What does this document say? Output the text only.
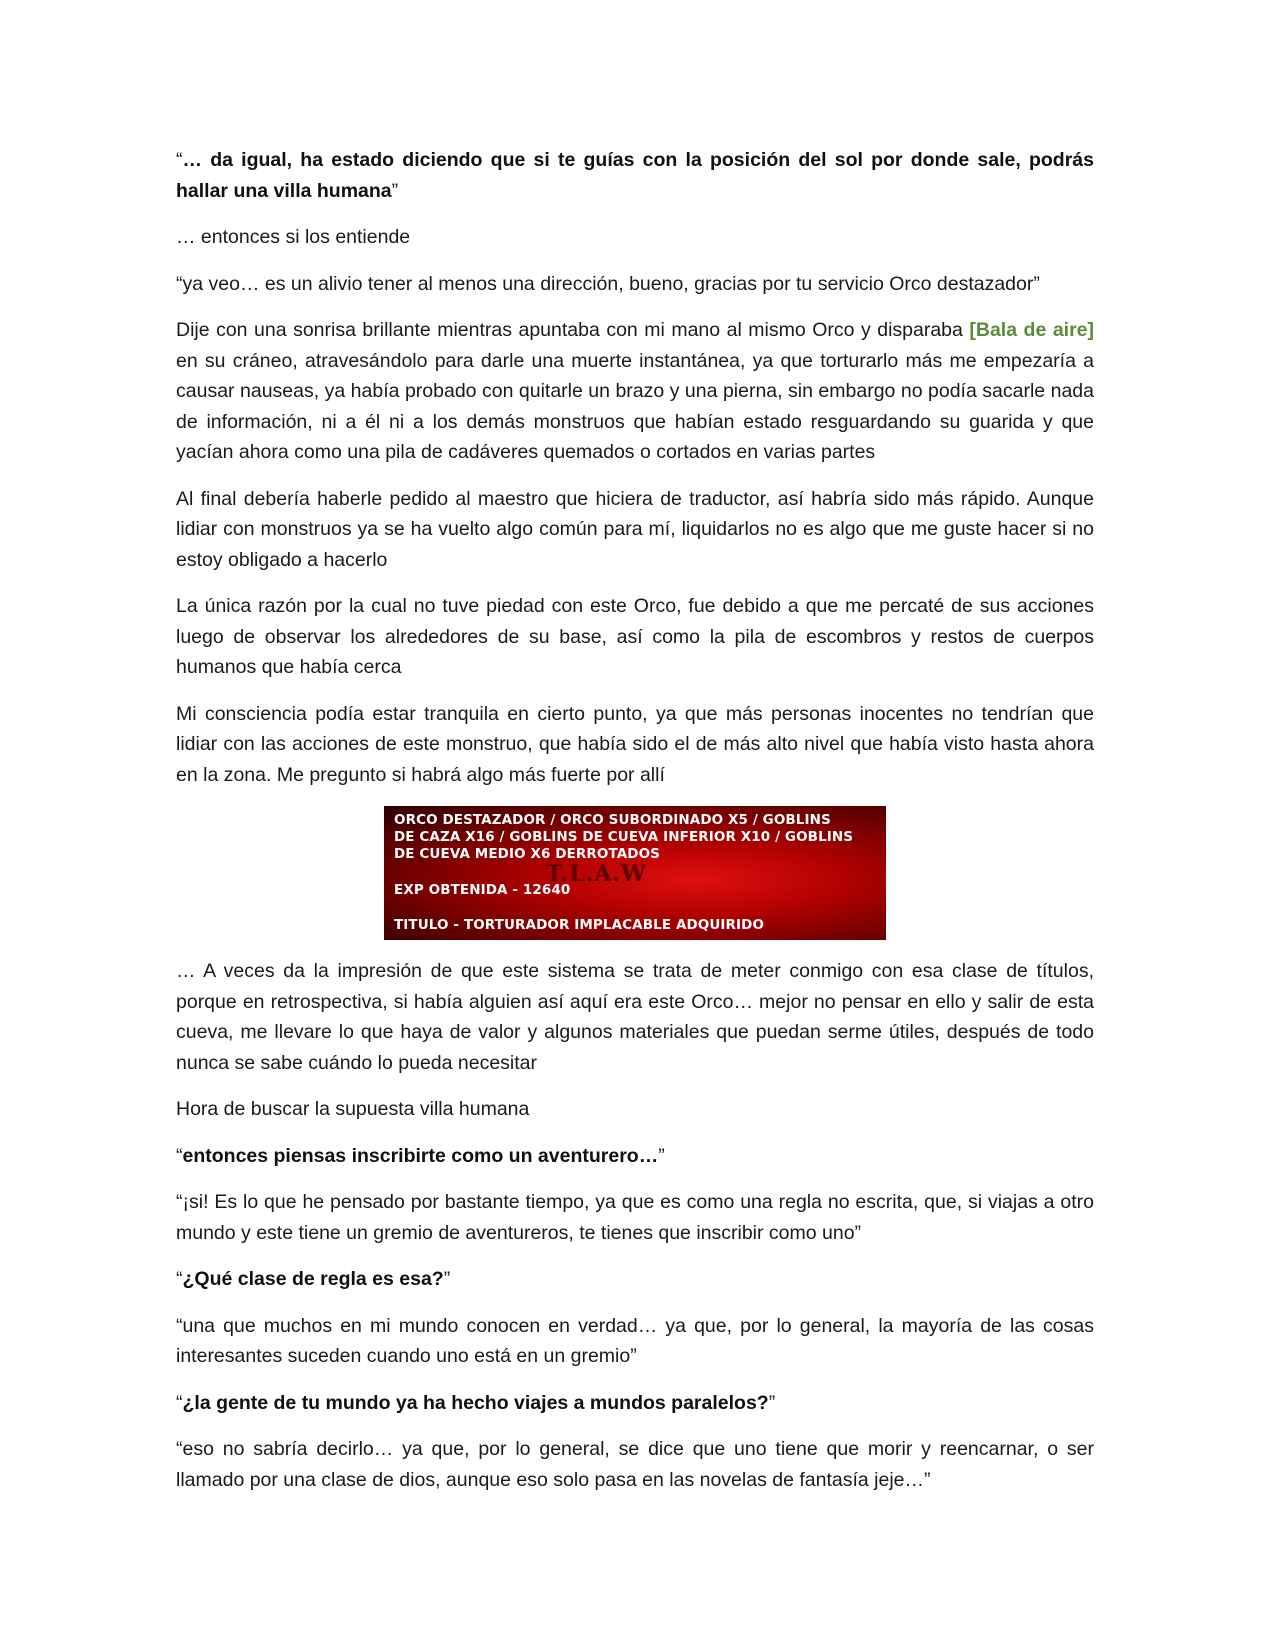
“… da igual, ha estado diciendo que si te guías con la posición del sol por donde sale, podrás hallar una villa humana”

… entonces si los entiende

“ya veo… es un alivio tener al menos una dirección, bueno, gracias por tu servicio Orco destazador”

Dije con una sonrisa brillante mientras apuntaba con mi mano al mismo Orco y disparaba [Bala de aire] en su cráneo, atravesándolo para darle una muerte instantánea, ya que torturarlo más me empezaría a causar nauseas, ya había probado con quitarle un brazo y una pierna, sin embargo no podía sacarle nada de información, ni a él ni a los demás monstruos que habían estado resguardando su guarida y que yacían ahora como una pila de cadáveres quemados o cortados en varias partes

Al final debería haberle pedido al maestro que hiciera de traductor, así habría sido más rápido. Aunque lidiar con monstruos ya se ha vuelto algo común para mí, liquidarlos no es algo que me guste hacer si no estoy obligado a hacerlo

La única razón por la cual no tuve piedad con este Orco, fue debido a que me percaté de sus acciones luego de observar los alrededores de su base, así como la pila de escombros y restos de cuerpos humanos que había cerca

Mi consciencia podía estar tranquila en cierto punto, ya que más personas inocentes no tendrían que lidiar con las acciones de este monstruo, que había sido el de más alto nivel que había visto hasta ahora en la zona. Me pregunto si habrá algo más fuerte por allí

T.L.A.W
ORCO DESTAZADOR / ORCO SUBORDINADO X5 / GOBLINS
DE CAZA X16 / GOBLINS DE CUEVA INFERIOR X10 / GOBLINS
DE CUEVA MEDIO X6 DERROTADOS
EXP OBTENIDA - 12640
TITULO - TORTURADOR IMPLACABLE ADQUIRIDO

… A veces da la impresión de que este sistema se trata de meter conmigo con esa clase de títulos, porque en retrospectiva, si había alguien así aquí era este Orco… mejor no pensar en ello y salir de esta cueva, me llevare lo que haya de valor y algunos materiales que puedan serme útiles, después de todo nunca se sabe cuándo lo pueda necesitar

Hora de buscar la supuesta villa humana

“entonces piensas inscribirte como un aventurero…”

“¡si! Es lo que he pensado por bastante tiempo, ya que es como una regla no escrita, que, si viajas a otro mundo y este tiene un gremio de aventureros, te tienes que inscribir como uno”

“¿Qué clase de regla es esa?”

“una que muchos en mi mundo conocen en verdad… ya que, por lo general, la mayoría de las cosas interesantes suceden cuando uno está en un gremio”

“¿la gente de tu mundo ya ha hecho viajes a mundos paralelos?”

“eso no sabría decirlo… ya que, por lo general, se dice que uno tiene que morir y reencarnar, o ser llamado por una clase de dios, aunque eso solo pasa en las novelas de fantasía jeje…”
